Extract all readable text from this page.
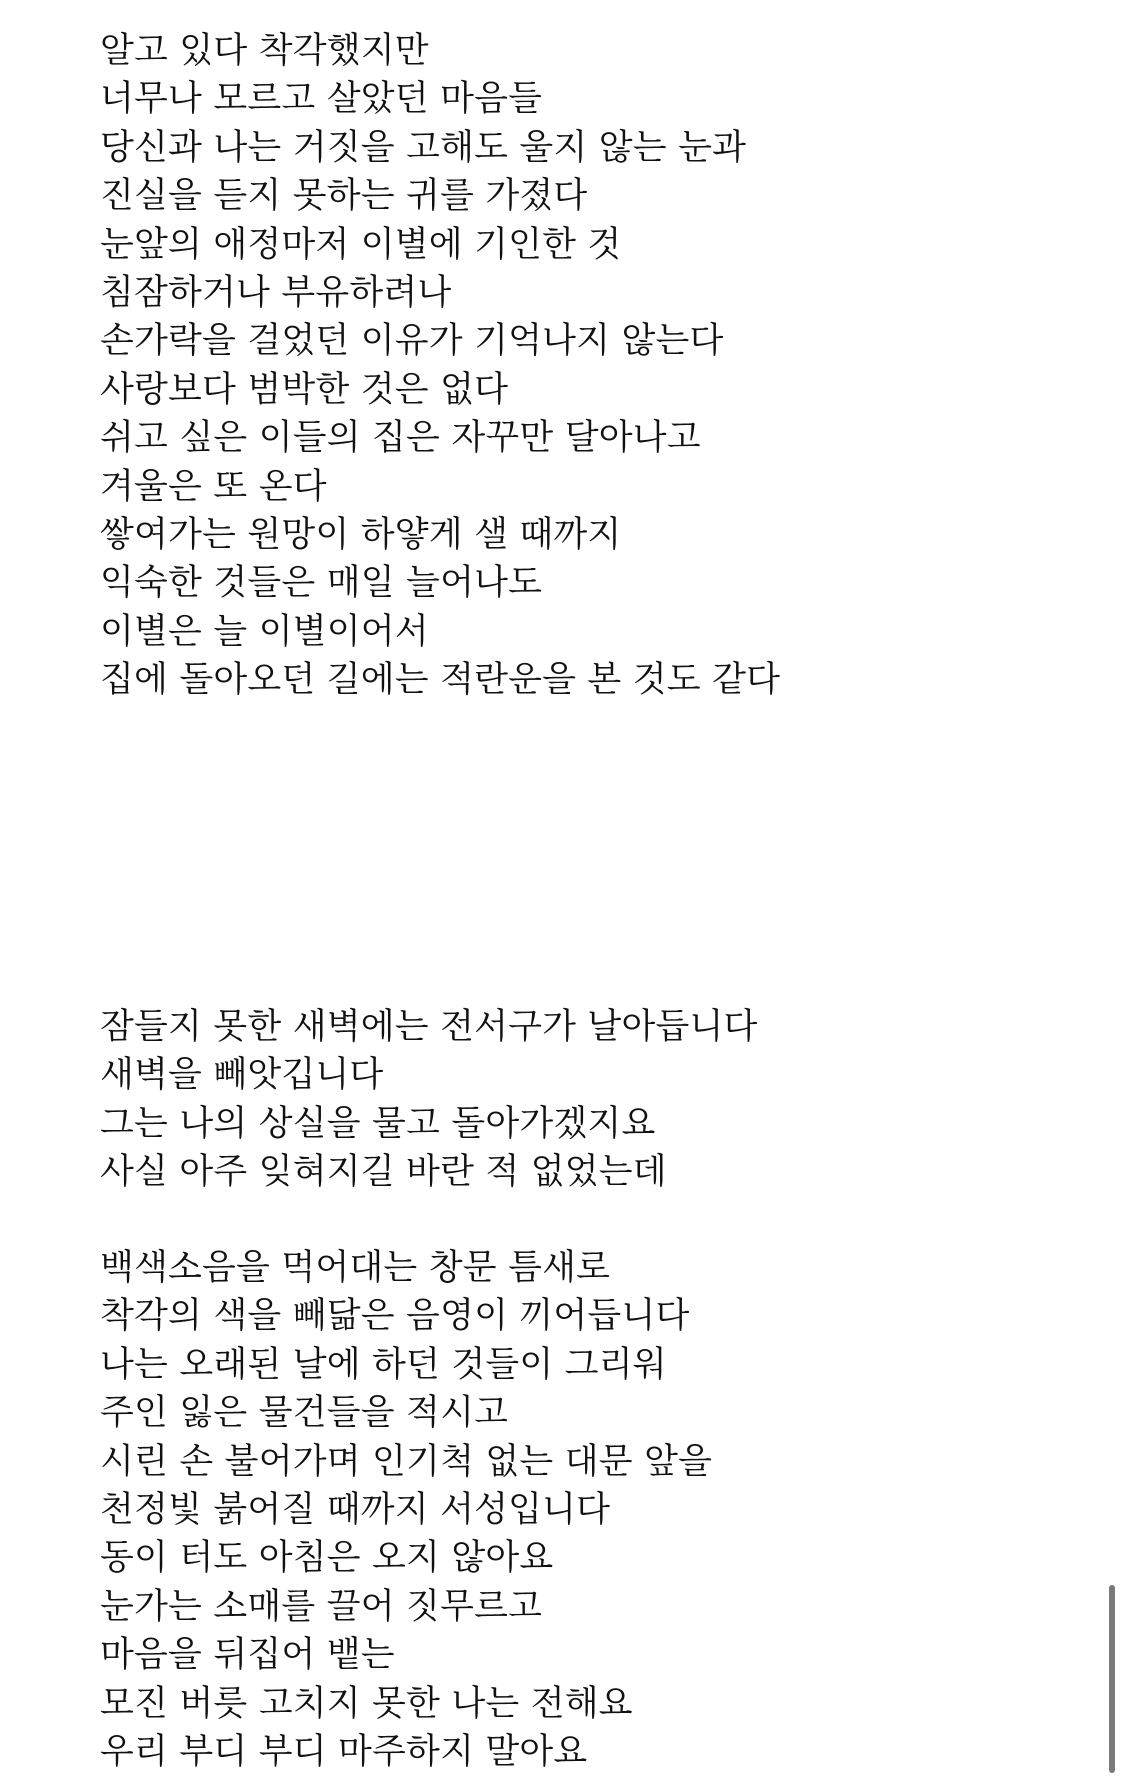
알고 있다 착각했지만
너무나 모르고 살았던 마음들
당신과 나는 거짓을 고해도 울지 않는 눈과
진실을 듣지 못하는 귀를 가졌다
눈앞의 애정마저 이별에 기인한 것
침잠하거나 부유하려나
손가락을 걸었던 이유가 기억나지 않는다
사랑보다 범박한 것은 없다
쉬고 싶은 이들의 집은 자꾸만 달아나고
겨울은 또 온다
쌓여가는 원망이 하얗게 샐 때까지
익숙한 것들은 매일 늘어나도
이별은 늘 이별이어서
집에 돌아오던 길에는 적란운을 본 것도 같다
잠들지 못한 새벽에는 전서구가 날아듭니다
새벽을 빼앗깁니다
그는 나의 상실을 물고 돌아가겠지요
사실 아주 잊혀지길 바란 적 없었는데
백색소음을 먹어대는 창문 틈새로
착각의 색을 빼닮은 음영이 끼어듭니다
나는 오래된 날에 하던 것들이 그리워
주인 잃은 물건들을 적시고
시린 손 불어가며 인기척 없는 대문 앞을
천정빛 붉어질 때까지 서성입니다
동이 터도 아침은 오지 않아요
눈가는 소매를 끌어 짓무르고
마음을 뒤집어 뱉는
모진 버릇 고치지 못한 나는 전해요
우리 부디 부디 마주하지 말아요
